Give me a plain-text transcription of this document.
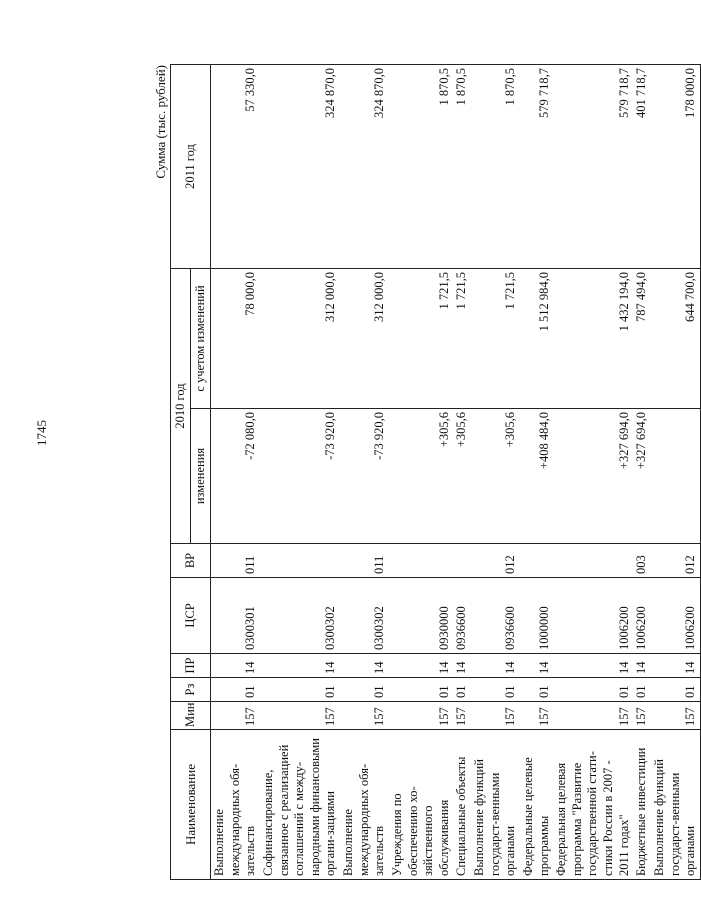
1745
Сумма (тыс. рублей)
Наименование	Мин	Рз	ПР	ЦСР	ВР	2010 год		2011 год
						изменения	с учетом изменений	
Выполнение международных обя-зательств	157	01	14	0300301	011	-72 080,0	78 000,0	57 330,0
Софинансирование, связанное с реализацией соглашений с между-народными финансовыми органи-зациями	157	01	14	0300302		-73 920,0	312 000,0	324 870,0
Выполнение международных обя-зательств	157	01	14	0300302	011	-73 920,0	312 000,0	324 870,0
Учреждения по обеспечению хо-зяйственного обслуживания	157	01	14	0930000		+305,6	1 721,5	1 870,5
Специальные объекты	157	01	14	0936600		+305,6	1 721,5	1 870,5
Выполнение функций государст-венными органами	157	01	14	0936600	012	+305,6	1 721,5	1 870,5
Федеральные целевые программы	157	01	14	1000000		+408 484,0	1 512 984,0	579 718,7
Федеральная целевая программа "Развитие государственной стати-стики России в 2007 - 2011 годах"	157	01	14	1006200		+327 694,0	1 432 194,0	579 718,7
Бюджетные инвестиции	157	01	14	1006200	003	+327 694,0	787 494,0	401 718,7
Выполнение функций государст-венными органами	157	01	14	1006200	012		644 700,0	178 000,0
